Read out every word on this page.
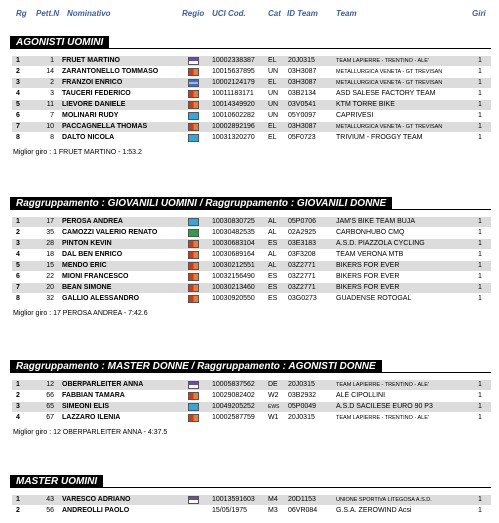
Rg Pett.N Nominativo	Regio UCI Cod.	Cat ID Team Team	Giri
AGONISTI UOMINI
1	1 FRUET MARTINO	10002338387	EL	20J0315	TEAM LAPIERRE - TRENTINO - ALE'	1
2	14 ZARANTONELLO TOMMASO	10015637895	UN	03H3087	METALLURGICA VENETA - GT TREVISAN	1
3	2 FRANZOI ENRICO	10002124179	EL	03H3087	METALLURGICA VENETA - GT TREVISAN	1
4	3 TAUCERI FEDERICO	10011183171	UN	03B2134	ASD SALESE FACTORY TEAM	1
5	11 LIEVORE DANIELE	10014349920	UN	03V0541	KTM TORRE BIKE	1
6	7 MOLINARI RUDY	10010602282	UN	05Y0097	CAPRIVESI	1
7	10 PACCAGNELLA THOMAS	10002892196	EL	03H3087	METALLURGICA VENETA - GT TREVISAN	1
8	8 DALTO NICOLA	10031320270	EL	05F0723	TRIVIUM - FROGGY TEAM	1
Miglior giro : 1 FRUET MARTINO - 1:53.2
Raggruppamento : GIOVANILI UOMINI / Raggruppamento : GIOVANILI DONNE
1	17 PEROSA ANDREA	10030830725	AL	05P0706	JAM'S BIKE TEAM BUJA	1
2	35 CAMOZZI VALERIO RENATO	10030482535	AL	02A2925	CARBONHUBO CMQ	1
3	28 PINTON KEVIN	10030683104	ES	03E3183	A.S.D. PIAZZOLA CYCLING	1
4	18 DAL BEN ENRICO	10030689164	AL	03F3208	TEAM VERONA MTB	1
5	15 MENDO ERIC	10030212551	AL	03Z2771	BIKERS FOR EVER	1
6	22 MIONI FRANCESCO	10032156490	ES	03Z2771	BIKERS FOR EVER	1
7	20 BEAN SIMONE	10030213460	ES	03Z2771	BIKERS FOR EVER	1
8	32 GALLIO ALESSANDRO	10030920550	ES	03G0273	GUADENSE ROTOGAL	1
Miglior giro : 17 PEROSA ANDREA - 7:42.6
Raggruppamento : MASTER DONNE / Raggruppamento : AGONISTI DONNE
1	12 OBERPARLEITER ANNA	10005837562	DE	20J0315	TEAM LAPIERRE - TRENTINO - ALE'	1
2	66 FABBIAN TAMARA	10029082402	W2	03B2932	ALÈ CIPOLLINI	1
3	65 SIMEONI ELIS	10049205252	EWS	05P0049	A.S.D SACILESE EURO 90 P3	1
4	67 LAZZARO ILENIA	10002587759	W1	20J0315	TEAM LAPIERRE - TRENTINO - ALE'	1
Miglior giro : 12 OBERPARLEITER ANNA - 4:37.5
MASTER UOMINI
1	43 VARESCO ADRIANO	10013591603	M4	20D1153	UNIONE SPORTIVA LITEGOSA A.S.D.	1
2	56 ANDREOLLI PAOLO	15/05/1975	M3	06VR084	G.S.A. ZEROWIND Acsi	1
